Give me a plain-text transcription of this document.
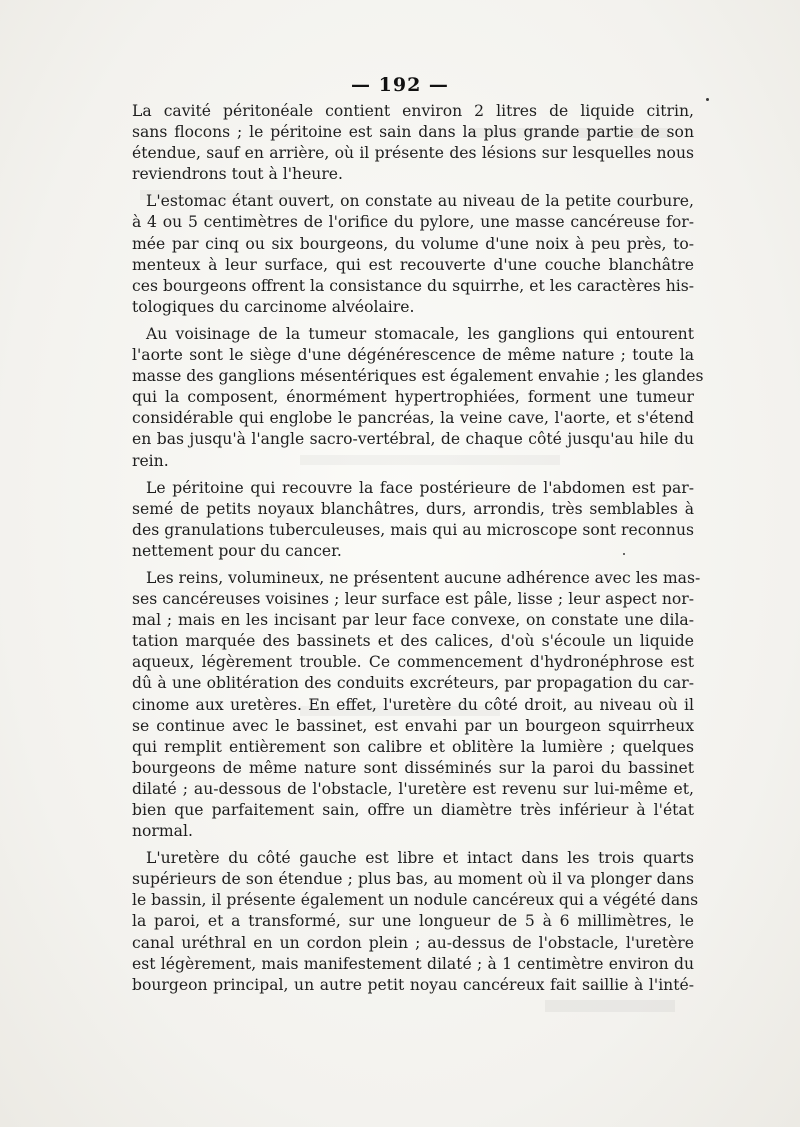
— 192 —
La cavité péritonéale contient environ 2 litres de liquide citrin,
sans flocons ; le péritoine est sain dans la plus grande partie de son
étendue, sauf en arrière, où il présente des lésions sur lesquelles nous
reviendrons tout à l'heure.
L'estomac étant ouvert, on constate au niveau de la petite courbure,
à 4 ou 5 centimètres de l'orifice du pylore, une masse cancéreuse for-
mée par cinq ou six bourgeons, du volume d'une noix à peu près, to-
menteux à leur surface, qui est recouverte d'une couche blanchâtre
ces bourgeons offrent la consistance du squirrhe, et les caractères his-
tologiques du carcinome alvéolaire.
Au voisinage de la tumeur stomacale, les ganglions qui entourent
l'aorte sont le siège d'une dégénérescence de même nature ; toute la
masse des ganglions mésentériques est également envahie ; les glandes
qui la composent, énormément hypertrophiées, forment une tumeur
considérable qui englobe le pancréas, la veine cave, l'aorte, et s'étend
en bas jusqu'à l'angle sacro-vertébral, de chaque côté jusqu'au hile du
rein.
Le péritoine qui recouvre la face postérieure de l'abdomen est par-
semé de petits noyaux blanchâtres, durs, arrondis, très semblables à
des granulations tuberculeuses, mais qui au microscope sont reconnus
nettement pour du cancer.
Les reins, volumineux, ne présentent aucune adhérence avec les mas-
ses cancéreuses voisines ; leur surface est pâle, lisse ; leur aspect nor-
mal ; mais en les incisant par leur face convexe, on constate une dila-
tation marquée des bassinets et des calices, d'où s'écoule un liquide
aqueux, légèrement trouble. Ce commencement d'hydronéphrose est
dû à une oblitération des conduits excréteurs, par propagation du car-
cinome aux uretères. En effet, l'uretère du côté droit, au niveau où il
se continue avec le bassinet, est envahi par un bourgeon squirrheux
qui remplit entièrement son calibre et oblitère la lumière ; quelques
bourgeons de même nature sont disséminés sur la paroi du bassinet
dilaté ; au-dessous de l'obstacle, l'uretère est revenu sur lui-même et,
bien que parfaitement sain, offre un diamètre très inférieur à l'état
normal.
L'uretère du côté gauche est libre et intact dans les trois quarts
supérieurs de son étendue ; plus bas, au moment où il va plonger dans
le bassin, il présente également un nodule cancéreux qui a végété dans
la paroi, et a transformé, sur une longueur de 5 à 6 millimètres, le
canal uréthral en un cordon plein ; au-dessus de l'obstacle, l'uretère
est légèrement, mais manifestement dilaté ; à 1 centimètre environ du
bourgeon principal, un autre petit noyau cancéreux fait saillie à l'inté-
